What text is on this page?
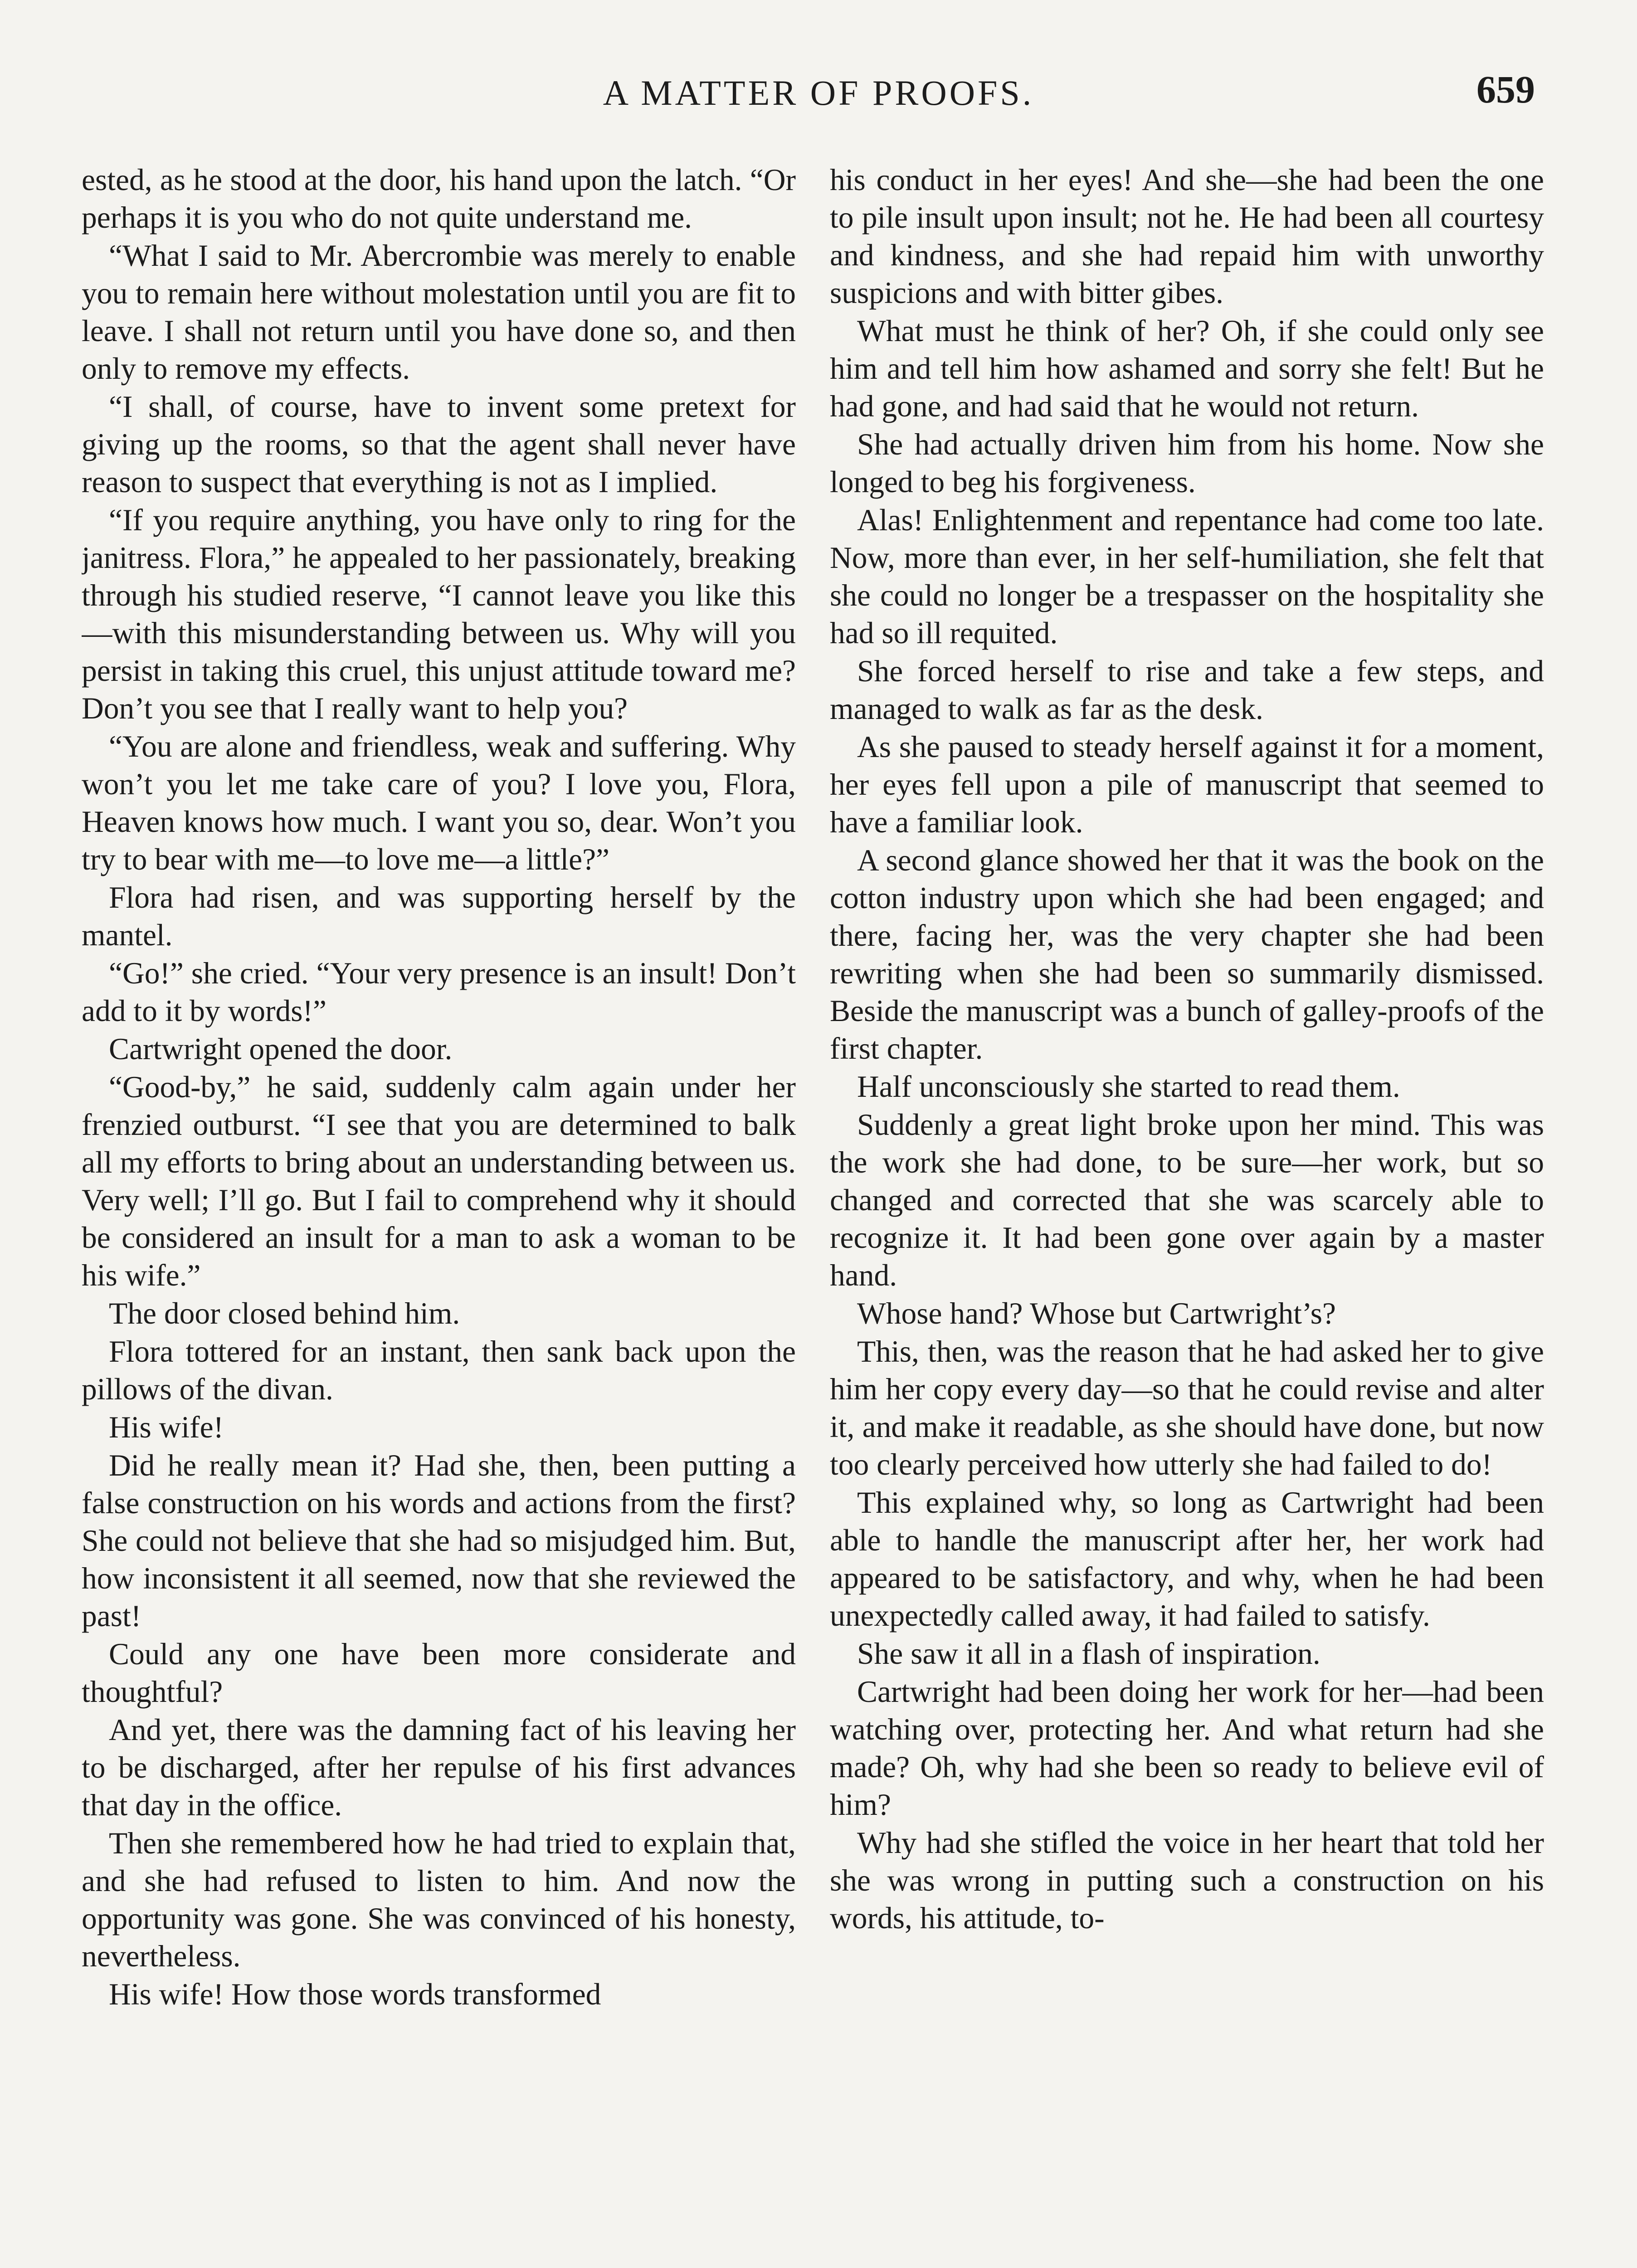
A MATTER OF PROOFS.	659

ested, as he stood at the door, his hand upon the latch. “Or perhaps it is you who do not quite understand me.

“What I said to Mr. Abercrombie was merely to enable you to remain here without molestation until you are fit to leave. I shall not return until you have done so, and then only to remove my effects.

“I shall, of course, have to invent some pretext for giving up the rooms, so that the agent shall never have reason to suspect that everything is not as I implied.

“If you require anything, you have only to ring for the janitress. Flora,” he appealed to her passionately, breaking through his studied reserve, “I cannot leave you like this —with this misunderstanding between us. Why will you persist in taking this cruel, this unjust attitude toward me? Don’t you see that I really want to help you?

“You are alone and friendless, weak and suffering. Why won’t you let me take care of you? I love you, Flora, Heaven knows how much. I want you so, dear. Won’t you try to bear with me—to love me—a little?”

Flora had risen, and was supporting herself by the mantel.

“Go!” she cried. “Your very presence is an insult! Don’t add to it by words!”

Cartwright opened the door.

“Good-by,” he said, suddenly calm again under her frenzied outburst. “I see that you are determined to balk all my efforts to bring about an understanding between us. Very well; I’ll go. But I fail to comprehend why it should be considered an insult for a man to ask a woman to be his wife.”

The door closed behind him.

Flora tottered for an instant, then sank back upon the pillows of the divan.

His wife!

Did he really mean it? Had she, then, been putting a false construction on his words and actions from the first? She could not believe that she had so misjudged him. But, how inconsistent it all seemed, now that she reviewed the past!

Could any one have been more considerate and thoughtful?

And yet, there was the damning fact of his leaving her to be discharged, after her repulse of his first advances that day in the office.

Then she remembered how he had tried to explain that, and she had refused to listen to him. And now the opportunity was gone. She was convinced of his honesty, nevertheless.

His wife! How those words transformed

his conduct in her eyes! And she—she had been the one to pile insult upon insult; not he. He had been all courtesy and kindness, and she had repaid him with unworthy suspicions and with bitter gibes.

What must he think of her? Oh, if she could only see him and tell him how ashamed and sorry she felt! But he had gone, and had said that he would not return.

She had actually driven him from his home. Now she longed to beg his forgiveness.

Alas! Enlightenment and repentance had come too late. Now, more than ever, in her self-humiliation, she felt that she could no longer be a trespasser on the hospitality she had so ill requited.

She forced herself to rise and take a few steps, and managed to walk as far as the desk.

As she paused to steady herself against it for a moment, her eyes fell upon a pile of manuscript that seemed to have a familiar look.

A second glance showed her that it was the book on the cotton industry upon which she had been engaged; and there, facing her, was the very chapter she had been rewriting when she had been so summarily dismissed. Beside the manuscript was a bunch of galley-proofs of the first chapter.

Half unconsciously she started to read them.

Suddenly a great light broke upon her mind. This was the work she had done, to be sure—her work, but so changed and corrected that she was scarcely able to recognize it. It had been gone over again by a master hand.

Whose hand? Whose but Cartwright’s?

This, then, was the reason that he had asked her to give him her copy every day—so that he could revise and alter it, and make it readable, as she should have done, but now too clearly perceived how utterly she had failed to do!

This explained why, so long as Cartwright had been able to handle the manuscript after her, her work had appeared to be satisfactory, and why, when he had been unexpectedly called away, it had failed to satisfy.

She saw it all in a flash of inspiration.

Cartwright had been doing her work for her—had been watching over, protecting her. And what return had she made? Oh, why had she been so ready to believe evil of him?

Why had she stifled the voice in her heart that told her she was wrong in putting such a construction on his words, his attitude, to-
